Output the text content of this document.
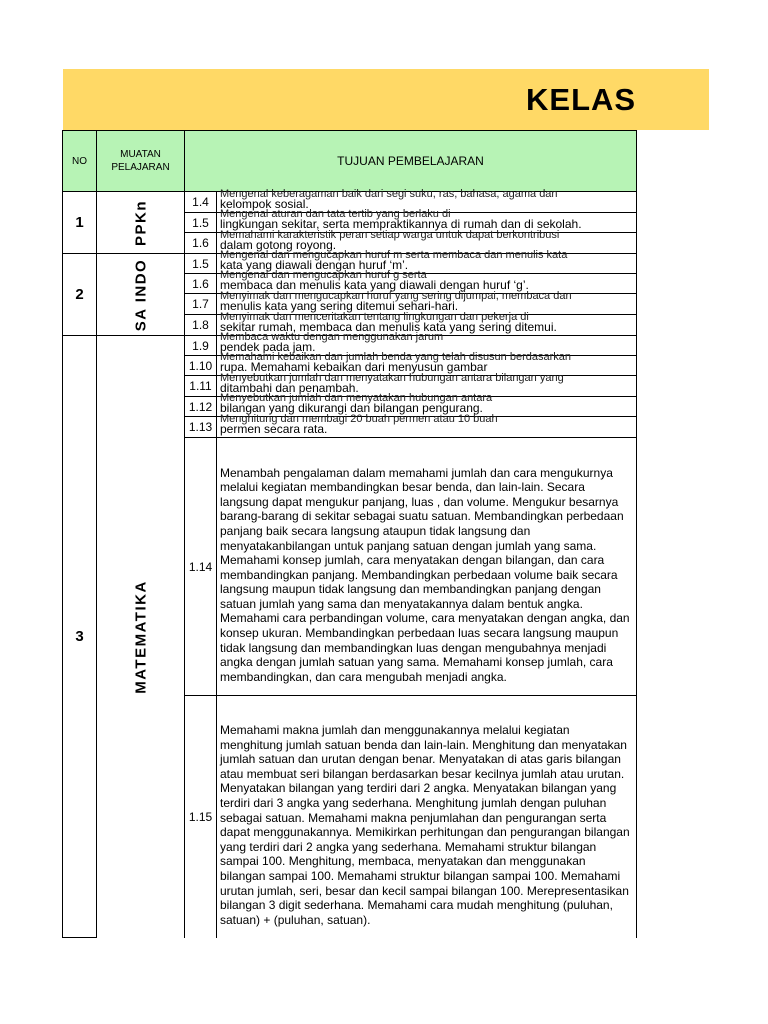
KELAS
NO	MUATAN PELAJARAN	TUJUAN PEMBELAJARAN	
1	PPKn	1.4	Mengenal keberagaman baik dari segi suku, ras, bahasa, agama dan
kelompok sosial.
		1.5	Mengenal aturan dan tata tertib yang berlaku di
lingkungan sekitar, serta mempraktikannya di rumah dan di sekolah.
		1.6	Memahami karakteristik peran setiap warga untuk dapat berkontribusi
dalam gotong royong.
2	SA INDO	1.5	Mengenal dan mengucapkan huruf m serta membaca dan menulis kata
kata yang diawali dengan huruf ‘m’.
		1.6	Mengenal dan mengucapkan huruf g serta
membaca dan menulis kata yang diawali dengan huruf ‘g’.
		1.7	Menyimak dan mengucapkan huruf yang sering dijumpai, membaca dan
menulis kata yang sering ditemui sehari-hari.
		1.8	Menyimak dan menceritakan tentang lingkungan dan pekerja di
sekitar rumah, membaca dan menulis kata yang sering ditemui.
3	MATEMATIKA	1.9	Membaca waktu dengan menggunakan jarum
pendek pada jam.
		1.10	Memahami kebaikan dan jumlah benda yang telah disusun berdasarkan
rupa. Memahami kebaikan dari menyusun gambar
		1.11	Menyebutkan jumlah dan menyatakan hubungan antara bilangan yang
ditambahi dan penambah.
		1.12	Menyebutkan jumlah dan menyatakan hubungan antara
bilangan yang dikurangi dan bilangan pengurang.
		1.13	Menghitung dan membagi 20 buah permen atau 10 buah
permen secara rata.
		1.14	Menambah pengalaman dalam memahami jumlah dan cara mengukurnya melalui kegiatan membandingkan besar benda, dan lain-lain. Secara langsung dapat mengukur panjang, luas , dan volume. Mengukur besarnya barang-barang di sekitar sebagai suatu satuan. Membandingkan perbedaan panjang baik secara langsung ataupun tidak langsung dan menyatakanbilangan untuk panjang satuan dengan jumlah yang sama. Memahami konsep jumlah, cara menyatakan dengan bilangan, dan cara membandingkan panjang. Membandingkan perbedaan volume baik secara langsung maupun tidak langsung dan membandingkan panjang dengan satuan jumlah yang sama dan menyatakannya dalam bentuk angka. Memahami cara perbandingan volume, cara menyatakan dengan angka, dan konsep ukuran. Membandingkan perbedaan luas secara langsung maupun tidak langsung dan membandingkan luas dengan mengubahnya menjadi angka dengan jumlah satuan yang sama. Memahami konsep jumlah, cara membandingkan, dan cara mengubah menjadi angka.
		1.15	Memahami makna jumlah dan menggunakannya melalui kegiatan menghitung jumlah satuan benda dan lain-lain. Menghitung dan menyatakan jumlah satuan dan urutan dengan benar. Menyatakan di atas garis bilangan atau membuat seri bilangan berdasarkan besar kecilnya jumlah atau urutan. Menyatakan bilangan yang terdiri dari 2 angka. Menyatakan bilangan yang terdiri dari 3 angka yang sederhana. Menghitung jumlah dengan puluhan sebagai satuan. Memahami makna penjumlahan dan pengurangan serta dapat menggunakannya. Memikirkan perhitungan dan pengurangan bilangan yang terdiri dari 2 angka yang sederhana. Memahami struktur bilangan sampai 100. Menghitung, membaca, menyatakan dan menggunakan bilangan sampai 100. Memahami struktur bilangan sampai 100. Memahami urutan jumlah, seri, besar dan kecil sampai bilangan 100. Merepresentasikan bilangan 3 digit sederhana. Memahami cara mudah menghitung (puluhan, satuan) + (puluhan, satuan).
